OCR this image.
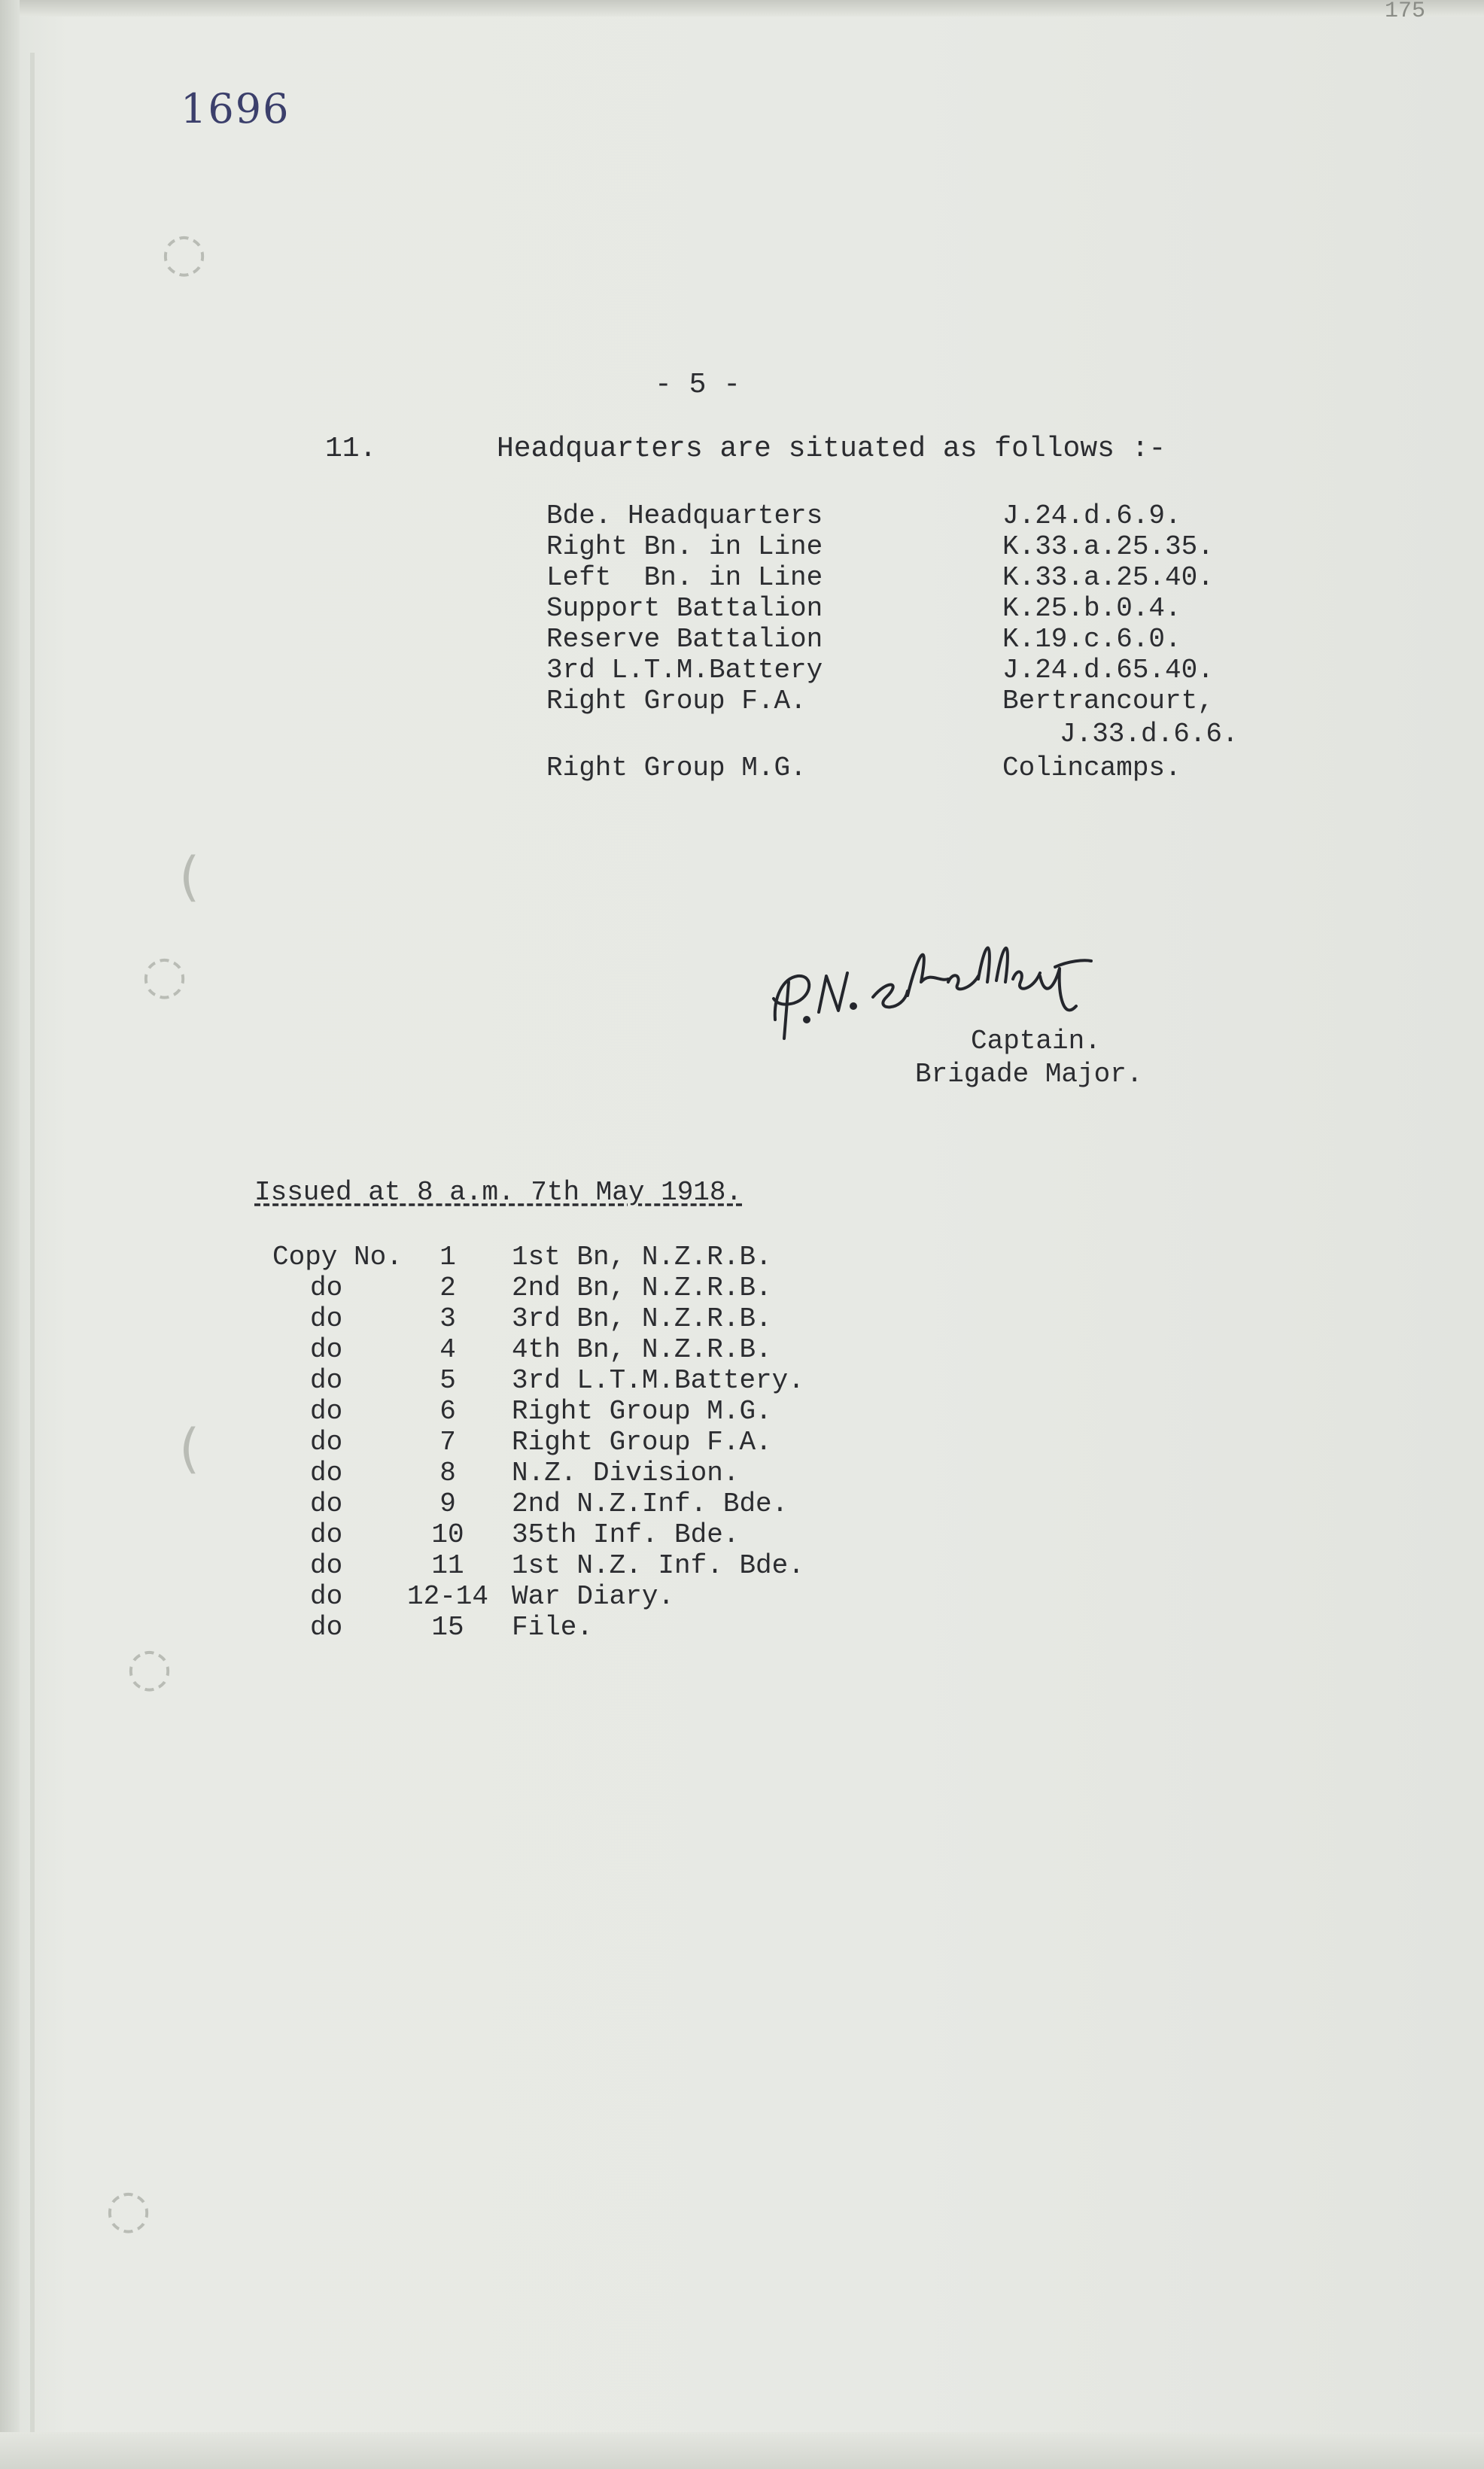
◌
(
◌
(
◌
◌
175
1696
- 5 -
11.	Headquarters are situated as follows :-
Bde. Headquarters	J.24.d.6.9.
Right Bn. in Line	K.33.a.25.35.
Left  Bn. in Line	K.33.a.25.40.
Support Battalion	K.25.b.0.4.
Reserve Battalion	K.19.c.6.0.
3rd L.T.M.Battery	J.24.d.65.40.
Right Group F.A.	Bertrancourt,
J.33.d.6.6.
Right Group M.G.	Colincamps.
Captain.
Brigade Major.
Issued at 8 a.m. 7th May 1918.
Copy No.	1	1st Bn, N.Z.R.B.
do	2	2nd Bn, N.Z.R.B.
do	3	3rd Bn, N.Z.R.B.
do	4	4th Bn, N.Z.R.B.
do	5	3rd L.T.M.Battery.
do	6	Right Group M.G.
do	7	Right Group F.A.
do	8	N.Z. Division.
do	9	2nd N.Z.Inf. Bde.
do	10	35th Inf. Bde.
do	11	1st N.Z. Inf. Bde.
do	12-14 War Diary.
do	15	File.
